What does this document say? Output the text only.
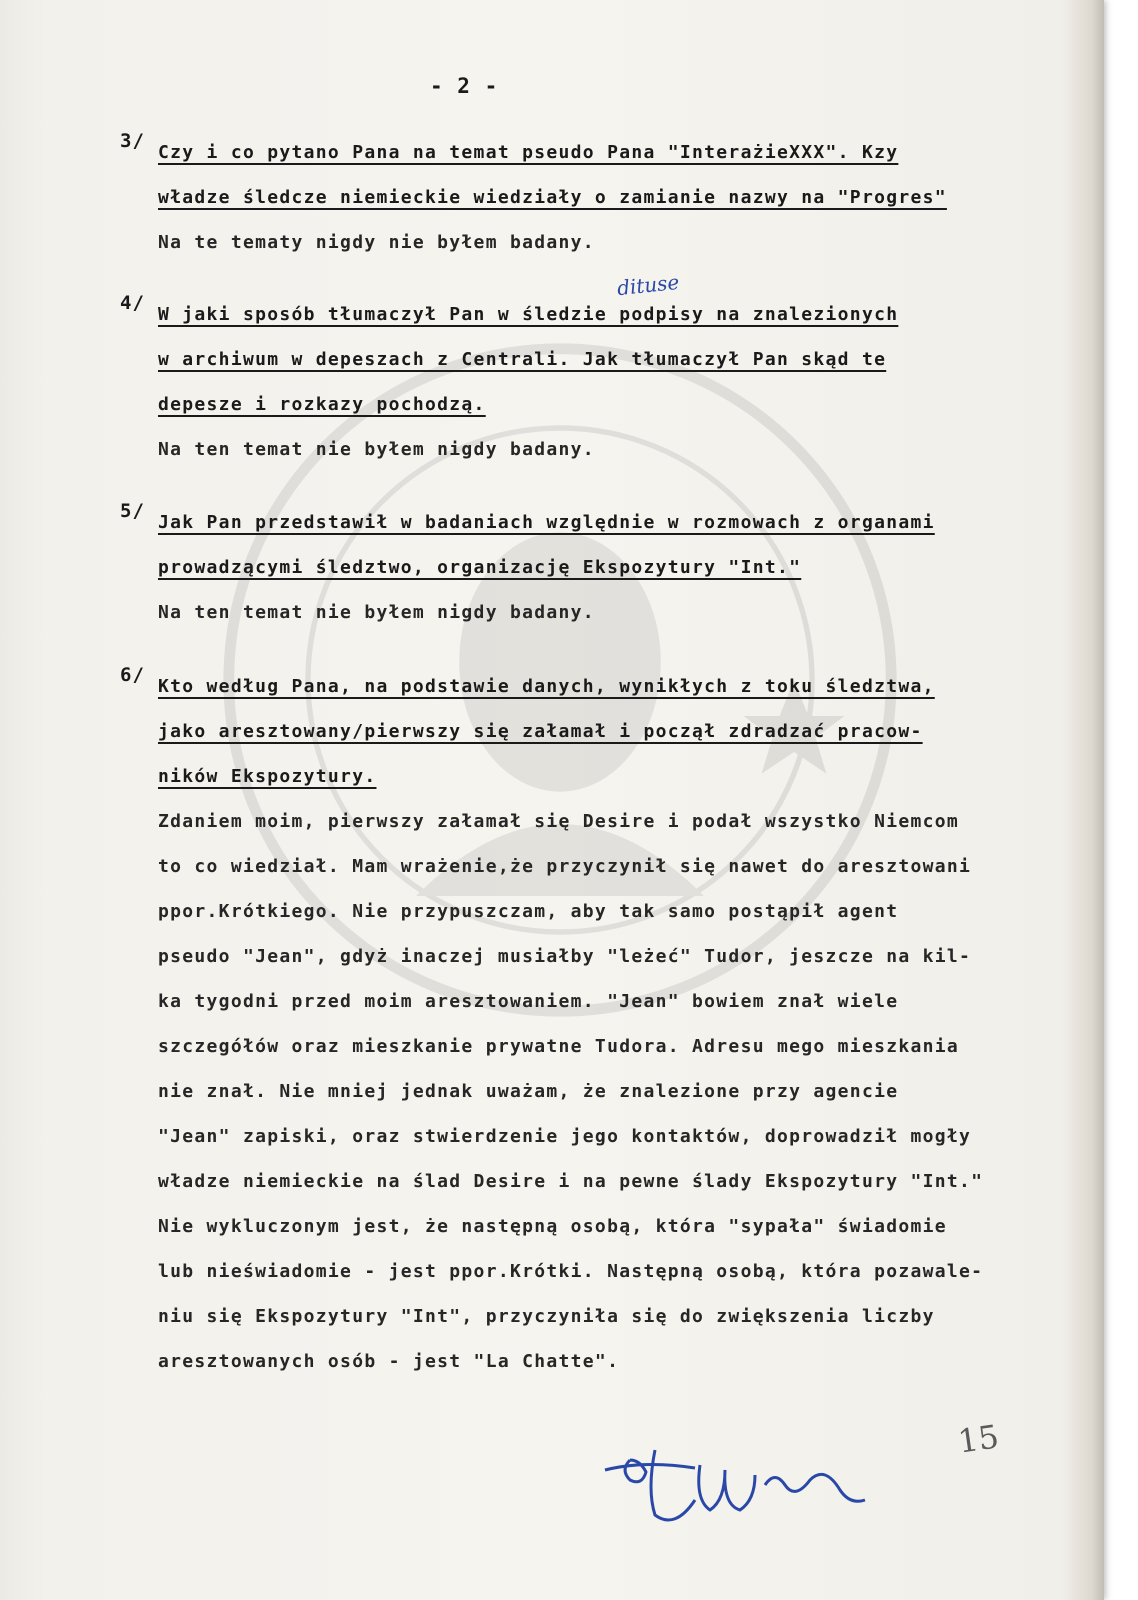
- 2 -
3/

Czy i co pytano Pana na temat pseudo Pana "InterażieXXX". Kzy
władze śledcze niemieckie wiedziały o zamianie nazwy na "Progres"

Na te tematy nigdy nie byłem badany.

4/

W jaki sposób tłumaczył Pan w śledzie podpisy na znalezionych
w archiwum w depeszach z Centrali. Jak tłumaczył Pan skąd te
depesze i rozkazy pochodzą.

Na ten temat nie byłem nigdy badany.

dituse
5/

Jak Pan przedstawił w badaniach względnie w rozmowach z organami
prowadzącymi śledztwo, organizację Ekspozytury "Int."

Na ten temat nie byłem nigdy badany.

6/

Kto według Pana, na podstawie danych, wynikłych z toku śledztwa,
jako aresztowany/pierwszy się załamał i począł zdradzać pracow-
ników Ekspozytury.

Zdaniem moim, pierwszy załamał się Desire i podał wszystko Niemcom
to co wiedział. Mam wrażenie,że przyczynił się nawet do aresztowani
ppor.Krótkiego. Nie przypuszczam, aby tak samo postąpił agent
pseudo "Jean", gdyż inaczej musiałby "leżeć" Tudor, jeszcze na kil-
ka tygodni przed moim aresztowaniem. "Jean" bowiem znał wiele
szczegółów oraz mieszkanie prywatne Tudora. Adresu mego mieszkania
nie znał. Nie mniej jednak uważam, że znalezione przy agencie
"Jean" zapiski, oraz stwierdzenie jego kontaktów, doprowadził mogły
władze niemieckie na ślad Desire i na pewne ślady Ekspozytury "Int."
Nie wykluczonym jest, że następną osobą, która "sypała" świadomie
lub nieświadomie - jest ppor.Krótki. Następną osobą, która pozawale-
niu się Ekspozytury "Int", przyczyniła się do zwiększenia liczby
aresztowanych osób - jest "La Chatte".

15
